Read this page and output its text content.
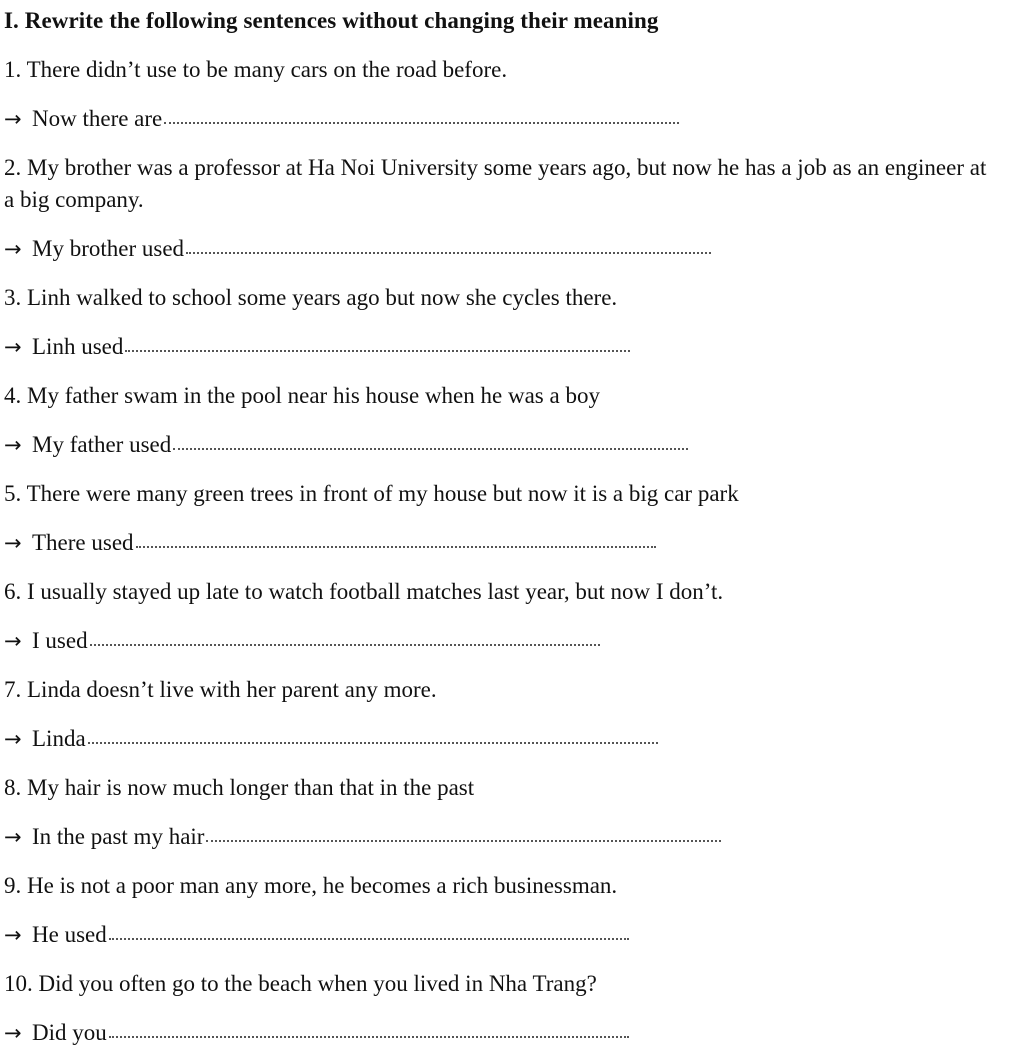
I. Rewrite the following sentences without changing their meaning
1. There didn’t use to be many cars on the road before.
→ Now there are
2. My brother was a professor at Ha Noi University some years ago, but now he has a job as an engineer at a big company.
→ My brother used
3. Linh walked to school some years ago but now she cycles there.
→ Linh used
4. My father swam in the pool near his house when he was a boy
→ My father used
5. There were many green trees in front of my house but now it is a big car park
→ There used
6. I usually stayed up late to watch football matches last year, but now I don’t.
→ I used
7. Linda doesn’t live with her parent any more.
→ Linda
8. My hair is now much longer than that in the past
→ In the past my hair
9. He is not a poor man any more, he becomes a rich businessman.
→ He used
10. Did you often go to the beach when you lived in Nha Trang?
→ Did you
